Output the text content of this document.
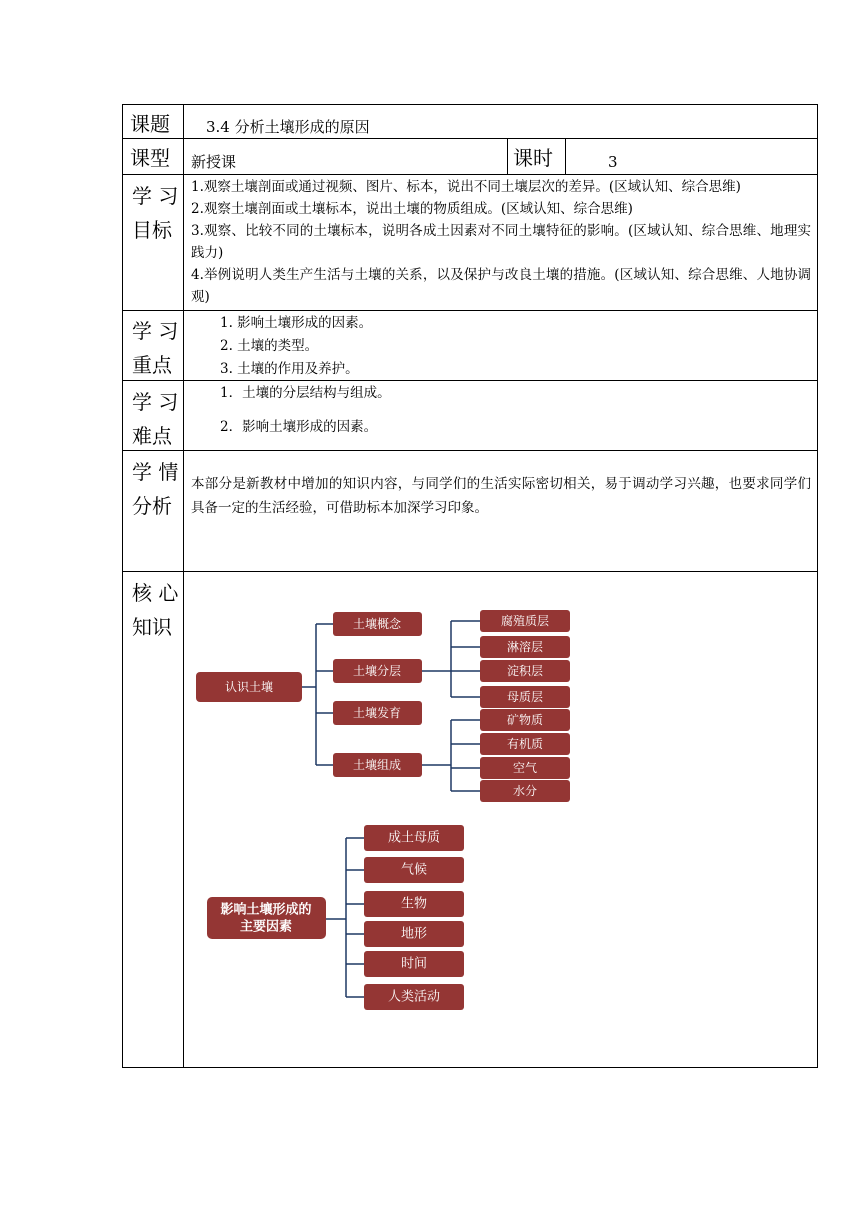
课题 3.4 分析土壤形成的原因
课型 新授课	课时	3
学 习
目标
1.观察土壤剖面或通过视频、图片、标本，说出不同土壤层次的差异。(区域认知、综合思维)
2.观察土壤剖面或土壤标本，说出土壤的物质组成。(区域认知、综合思维)
3.观察、比较不同的土壤标本，说明各成土因素对不同土壤特征的影响。(区域认知、综合思维、地理实践力)
4.举例说明人类生产生活与土壤的关系，以及保护与改良土壤的措施。(区域认知、综合思维、人地协调观)
学 习
重点
1. 影响土壤形成的因素。
2. 土壤的类型。
3. 土壤的作用及养护。
学 习
难点
1．土壤的分层结构与组成。
2．影响土壤形成的因素。
学 情
分析
本部分是新教材中增加的知识内容，与同学们的生活实际密切相关，易于调动学习兴趣，也要求同学们具备一定的生活经验，可借助标本加深学习印象。
核 心
知识
认识土壤
土壤概念
土壤分层
土壤发育
土壤组成
腐殖质层
淋溶层
淀积层
母质层
矿物质
有机质
空气
水分
影响土壤形成的
主要因素
成土母质
气候
生物
地形
时间
人类活动
